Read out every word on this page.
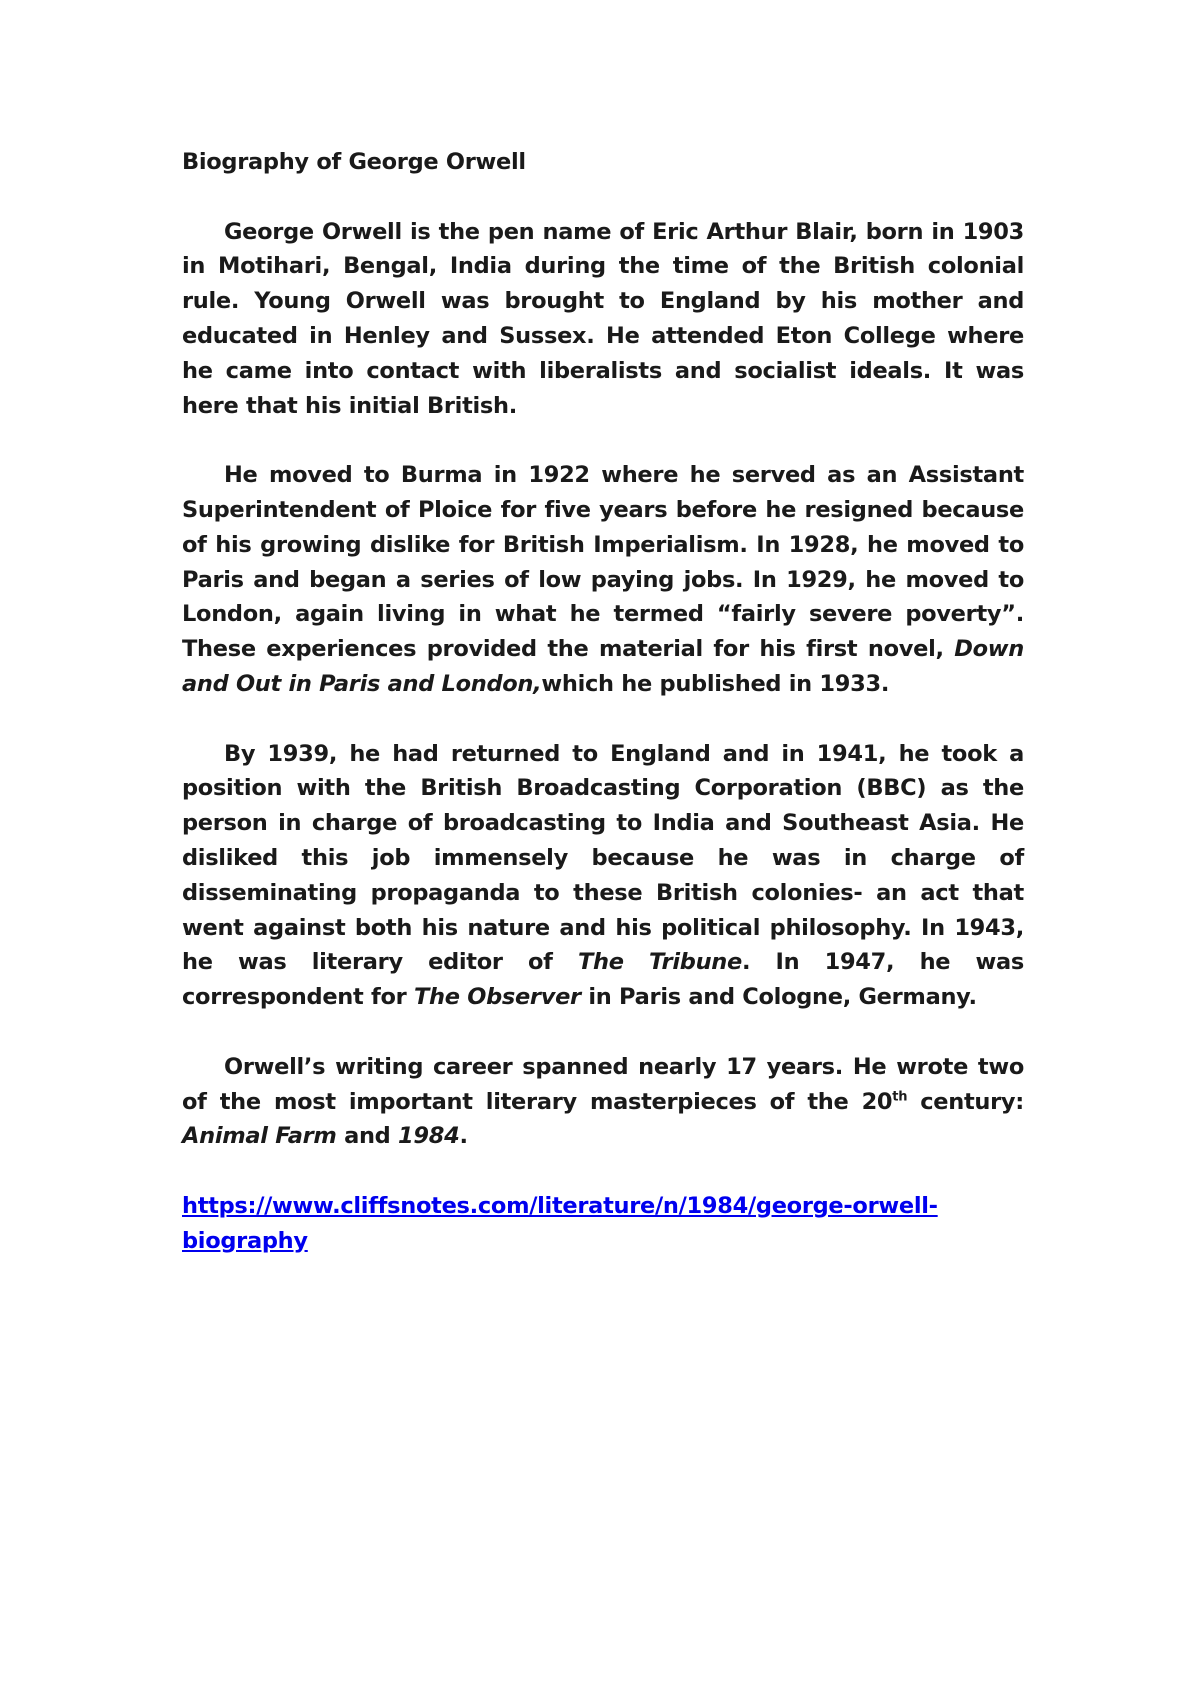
Biography of George Orwell

George Orwell is the pen name of Eric Arthur Blair, born in 1903 in Motihari, Bengal, India during the time of the British colonial rule. Young Orwell was brought to England by his mother and educated in Henley and Sussex. He attended Eton College where he came into contact with liberalists and socialist ideals. It was here that his initial British.

He moved to Burma in 1922 where he served as an Assistant Superintendent of Ploice for five years before he resigned because of his growing dislike for British Imperialism. In 1928, he moved to Paris and began a series of low paying jobs. In 1929, he moved to London, again living in what he termed “fairly severe poverty”. These experiences provided the material for his first novel, Down and Out in Paris and London,which he published in 1933.

By 1939, he had returned to England and in 1941, he took a position with the British Broadcasting Corporation (BBC) as the person in charge of broadcasting to India and Southeast Asia. He disliked this job immensely because he was in charge of disseminating propaganda to these British colonies- an act that went against both his nature and his political philosophy. In 1943, he was literary editor of The Tribune. In 1947, he was correspondent for The Observer in Paris and Cologne, Germany.

Orwell’s writing career spanned nearly 17 years. He wrote two of the most important literary masterpieces of the 20th century: Animal Farm and 1984.

https://www.cliffsnotes.com/literature/n/1984/george-orwell-biography
